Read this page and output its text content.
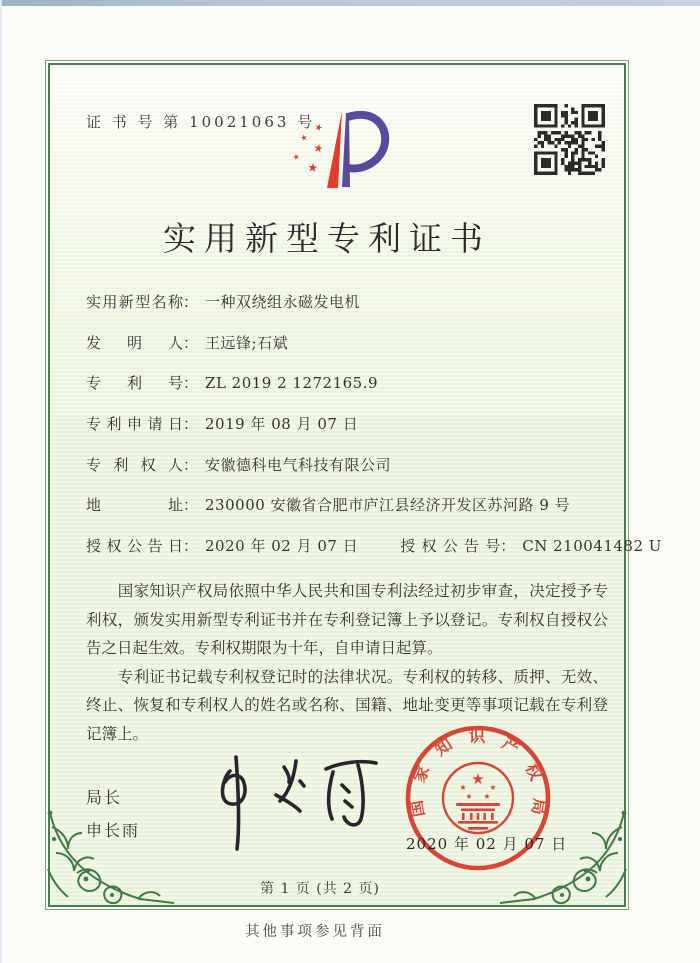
证 书 号 第 10021063 号
★
★
★
★
★
实用新型专利证书
实用新型名称： 一种双绕组永磁发电机
发明人： 王远锋;石斌
专利号： ZL 2019 2 1272165.9
专利申请日： 2019 年 08 月 07 日
专利权人： 安徽德科电气科技有限公司
地址： 230000 安徽省合肥市庐江县经济开发区苏河路 9 号
授权公告日： 2020 年 02 月 07 日	授权公告号： CN 210041482 U

国家知识产权局依照中华人民共和国专利法经过初步审查，决定授予专利权，颁发实用新型专利证书并在专利登记簿上予以登记。专利权自授权公告之日起生效。专利权期限为十年，自申请日起算。

专利证书记载专利权登记时的法律状况。专利权的转移、质押、无效、终止、恢复和专利权人的姓名或名称、国籍、地址变更等事项记载在专利登记簿上。

局长
申长雨
国
家
知 识 产
权
局
★
★	★
★ ★
2020 年 02 月 07 日
第 1 页 (共 2 页)
其他事项参见背面
